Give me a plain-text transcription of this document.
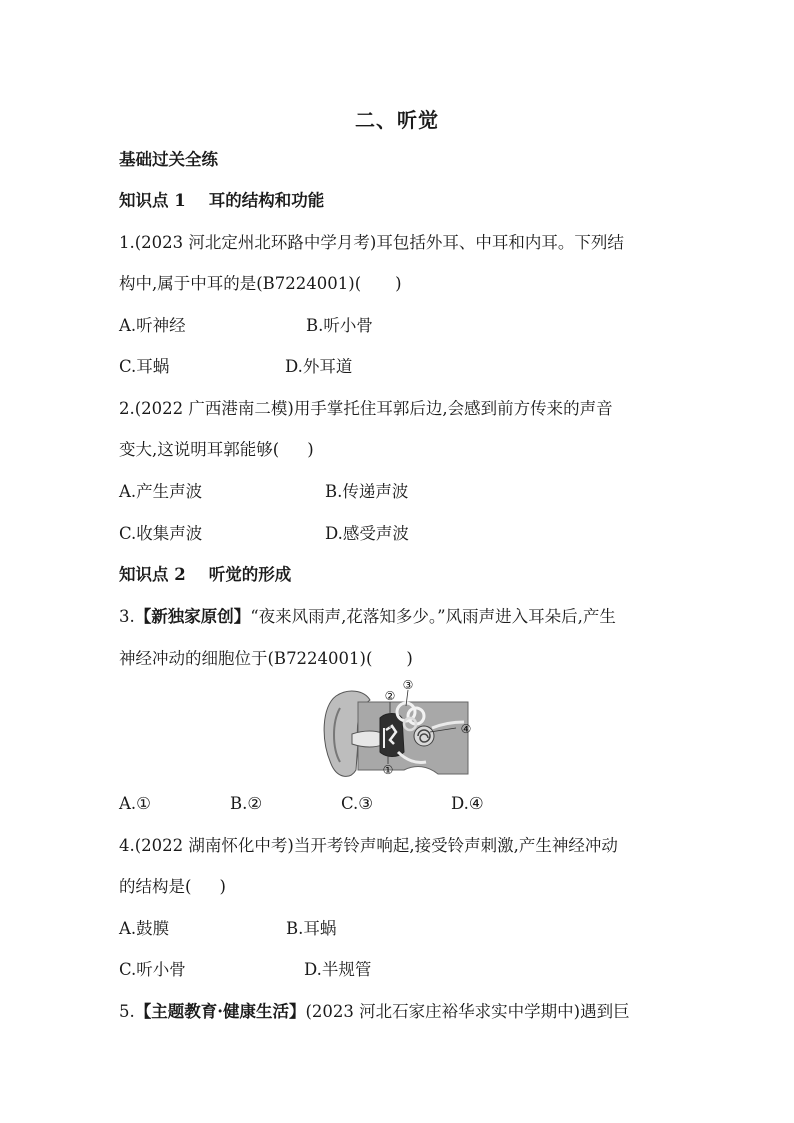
二、听觉
基础过关全练
知识点 1 耳的结构和功能
1.(2023 河北定州北环路中学月考)耳包括外耳、中耳和内耳。下列结
构中,属于中耳的是(B7224001)( )
A.听神经	B.听小骨
C.耳蜗	D.外耳道
2.(2022 广西港南二模)用手掌托住耳郭后边,会感到前方传来的声音
变大,这说明耳郭能够( )
A.产生声波	B.传递声波
C.收集声波	D.感受声波
知识点 2 听觉的形成
3.【新独家原创】“夜来风雨声,花落知多少。”风雨声进入耳朵后,产生
神经冲动的细胞位于(B7224001)( )
①
②
③
④
A.①	B.②	C.③	D.④
4.(2022 湖南怀化中考)当开考铃声响起,接受铃声刺激,产生神经冲动
的结构是( )
A.鼓膜	B.耳蜗
C.听小骨	D.半规管
5.【主题教育·健康生活】(2023 河北石家庄裕华求实中学期中)遇到巨
